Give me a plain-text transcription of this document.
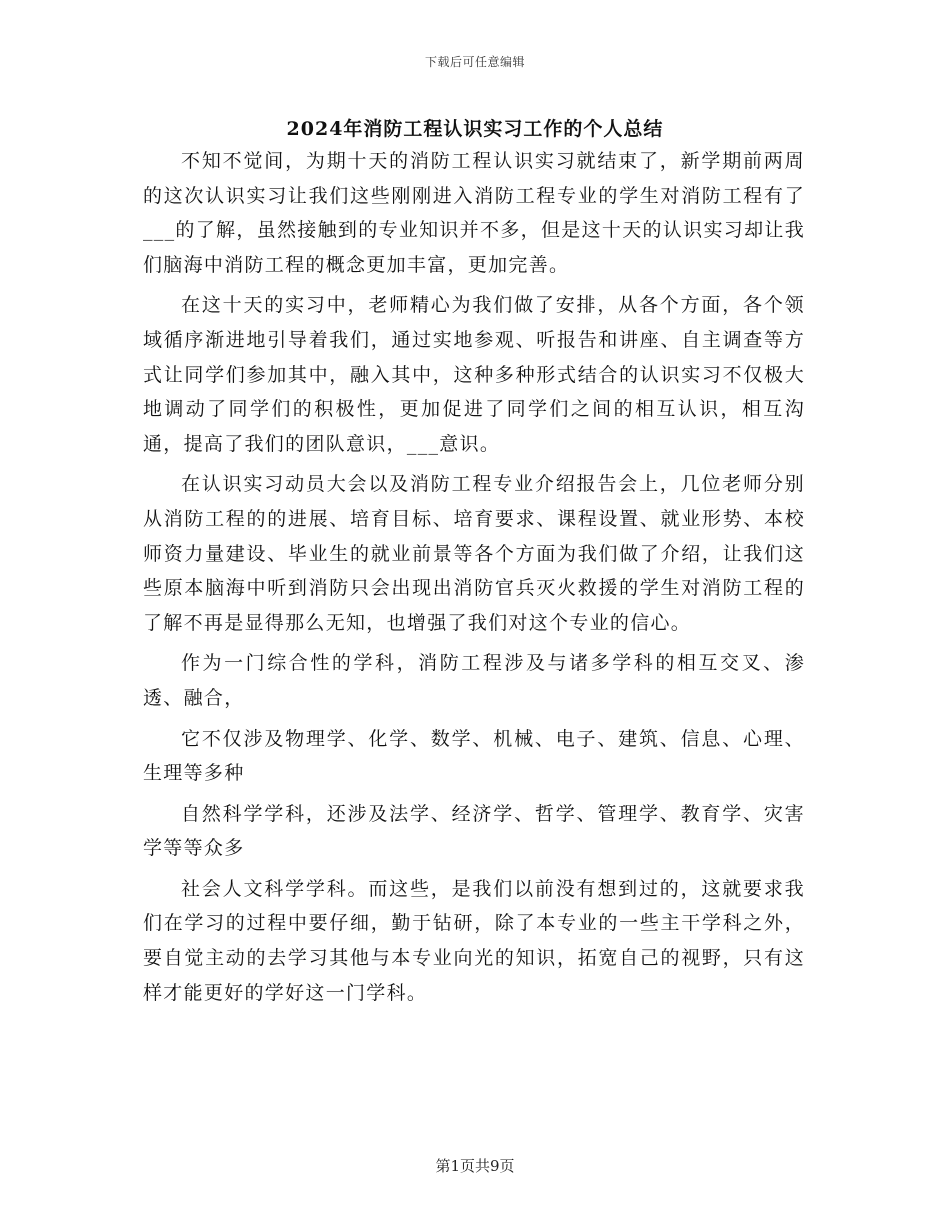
下载后可任意编辑
2024年消防工程认识实习工作的个人总结

不知不觉间，为期十天的消防工程认识实习就结束了，新学期前两周的这次认识实习让我们这些刚刚进入消防工程专业的学生对消防工程有了___的了解，虽然接触到的专业知识并不多，但是这十天的认识实习却让我们脑海中消防工程的概念更加丰富，更加完善。

在这十天的实习中，老师精心为我们做了安排，从各个方面，各个领域循序渐进地引导着我们，通过实地参观、听报告和讲座、自主调查等方式让同学们参加其中，融入其中，这种多种形式结合的认识实习不仅极大地调动了同学们的积极性，更加促进了同学们之间的相互认识，相互沟通，提高了我们的团队意识，___意识。

在认识实习动员大会以及消防工程专业介绍报告会上，几位老师分别从消防工程的的进展、培育目标、培育要求、课程设置、就业形势、本校师资力量建设、毕业生的就业前景等各个方面为我们做了介绍，让我们这些原本脑海中听到消防只会出现出消防官兵灭火救援的学生对消防工程的了解不再是显得那么无知，也增强了我们对这个专业的信心。

作为一门综合性的学科，消防工程涉及与诸多学科的相互交叉、渗透、融合，

它不仅涉及物理学、化学、数学、机械、电子、建筑、信息、心理、生理等多种

自然科学学科，还涉及法学、经济学、哲学、管理学、教育学、灾害学等等众多

社会人文科学学科。而这些，是我们以前没有想到过的，这就要求我们在学习的过程中要仔细，勤于钻研，除了本专业的一些主干学科之外，要自觉主动的去学习其他与本专业向光的知识，拓宽自己的视野，只有这样才能更好的学好这一门学科。

第1页共9页
